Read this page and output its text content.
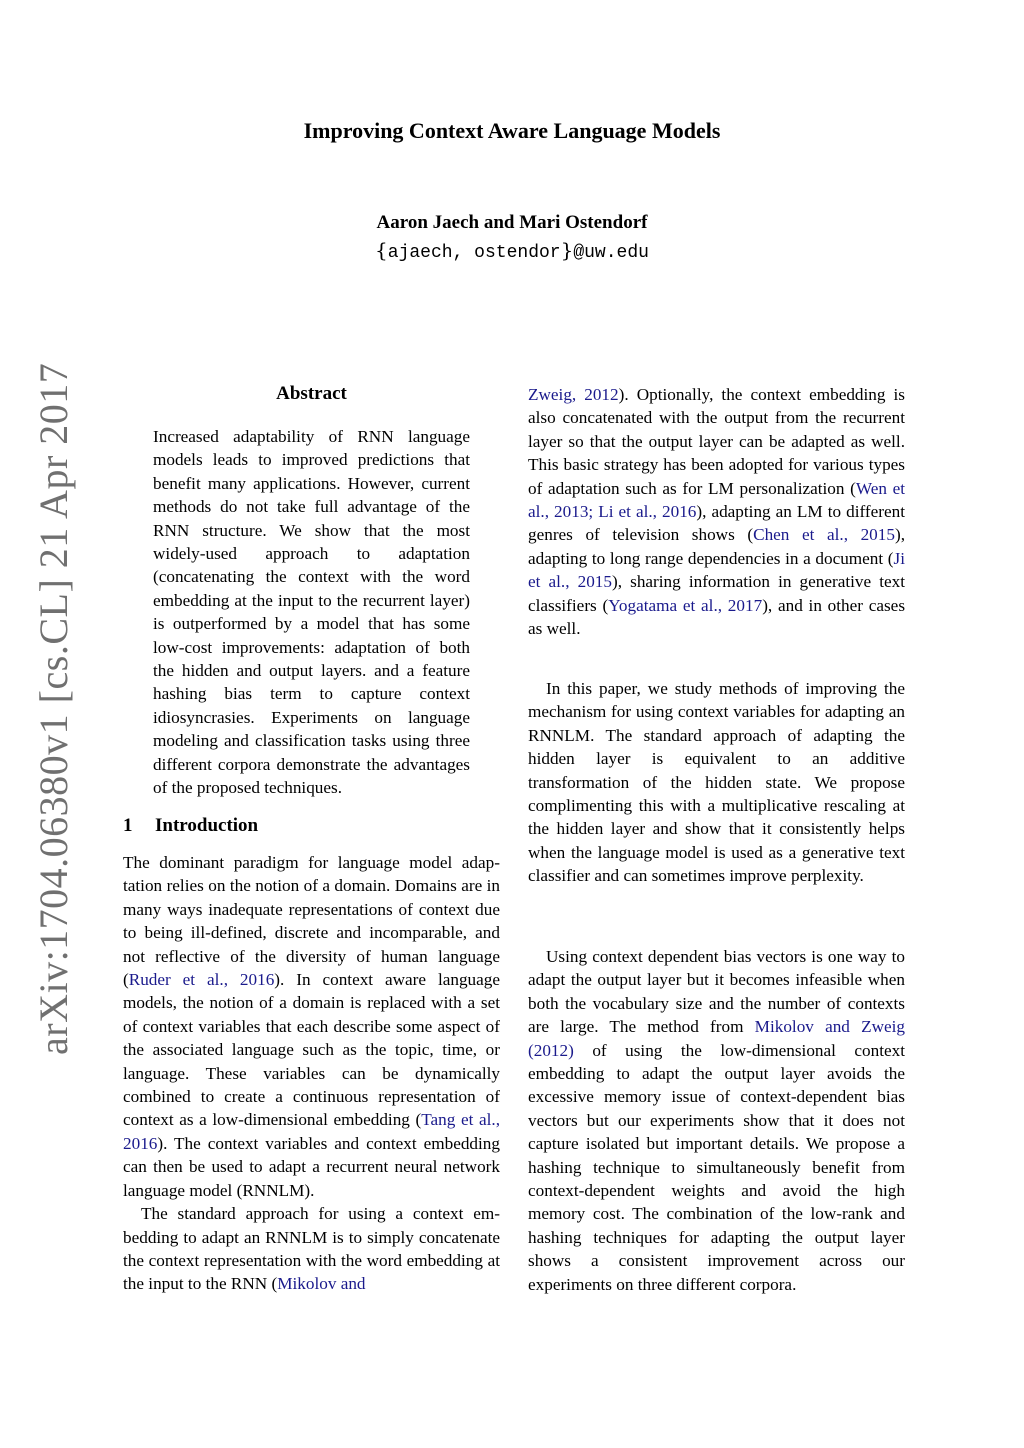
Improving Context Aware Language Models
Aaron Jaech and Mari Ostendorf
{ajaech, ostendor}@uw.edu
arXiv:1704.06380v1 [cs.CL] 21 Apr 2017	Abstract

Increased adaptability of RNN language models leads to improved predictions that benefit many applications. However, current methods do not take full advantage of the RNN structure. We show that the most widely-used approach to adaptation (concatenating the context with the word embedding at the input to the recurrent layer) is outperformed by a model that has some low-cost improvements: adaptation of both the hidden and output layers. and a feature hashing bias term to capture context idiosyncrasies. Experiments on language modeling and classification tasks using three different corpora demonstrate the advantages of the proposed techniques.

1 Introduction

The dominant paradigm for language model adaptation relies on the notion of a domain. Domains are in many ways inadequate representations of context due to being ill-defined, discrete and incomparable, and not reflective of the diversity of human language (Ruder et al., 2016). In context aware language models, the notion of a domain is replaced with a set of context variables that each describe some aspect of the associated language such as the topic, time, or language. These variables can be dynamically combined to create a continuous representation of context as a low-dimensional embedding (Tang et al., 2016). The context variables and context embedding can then be used to adapt a recurrent neural network language model (RNNLM).

The standard approach for using a context embedding to adapt an RNNLM is to simply concatenate the context representation with the word embedding at the input to the RNN (Mikolov and

Zweig, 2012). Optionally, the context embedding is also concatenated with the output from the recurrent layer so that the output layer can be adapted as well. This basic strategy has been adopted for various types of adaptation such as for LM personalization (Wen et al., 2013; Li et al., 2016), adapting an LM to different genres of television shows (Chen et al., 2015), adapting to long range dependencies in a document (Ji et al., 2015), sharing information in generative text classifiers (Yogatama et al., 2017), and in other cases as well.

In this paper, we study methods of improving the mechanism for using context variables for adapting an RNNLM. The standard approach of adapting the hidden layer is equivalent to an additive transformation of the hidden state. We propose complimenting this with a multiplicative rescaling at the hidden layer and show that it consistently helps when the language model is used as a generative text classifier and can sometimes improve perplexity.

Using context dependent bias vectors is one way to adapt the output layer but it becomes infeasible when both the vocabulary size and the number of contexts are large. The method from Mikolov and Zweig (2012) of using the low-dimensional context embedding to adapt the output layer avoids the excessive memory issue of context-dependent bias vectors but our experiments show that it does not capture isolated but important details. We propose a hashing technique to simultaneously benefit from context-dependent weights and avoid the high memory cost. The combination of the low-rank and hashing techniques for adapting the output layer shows a consistent improvement across our experiments on three different corpora.
